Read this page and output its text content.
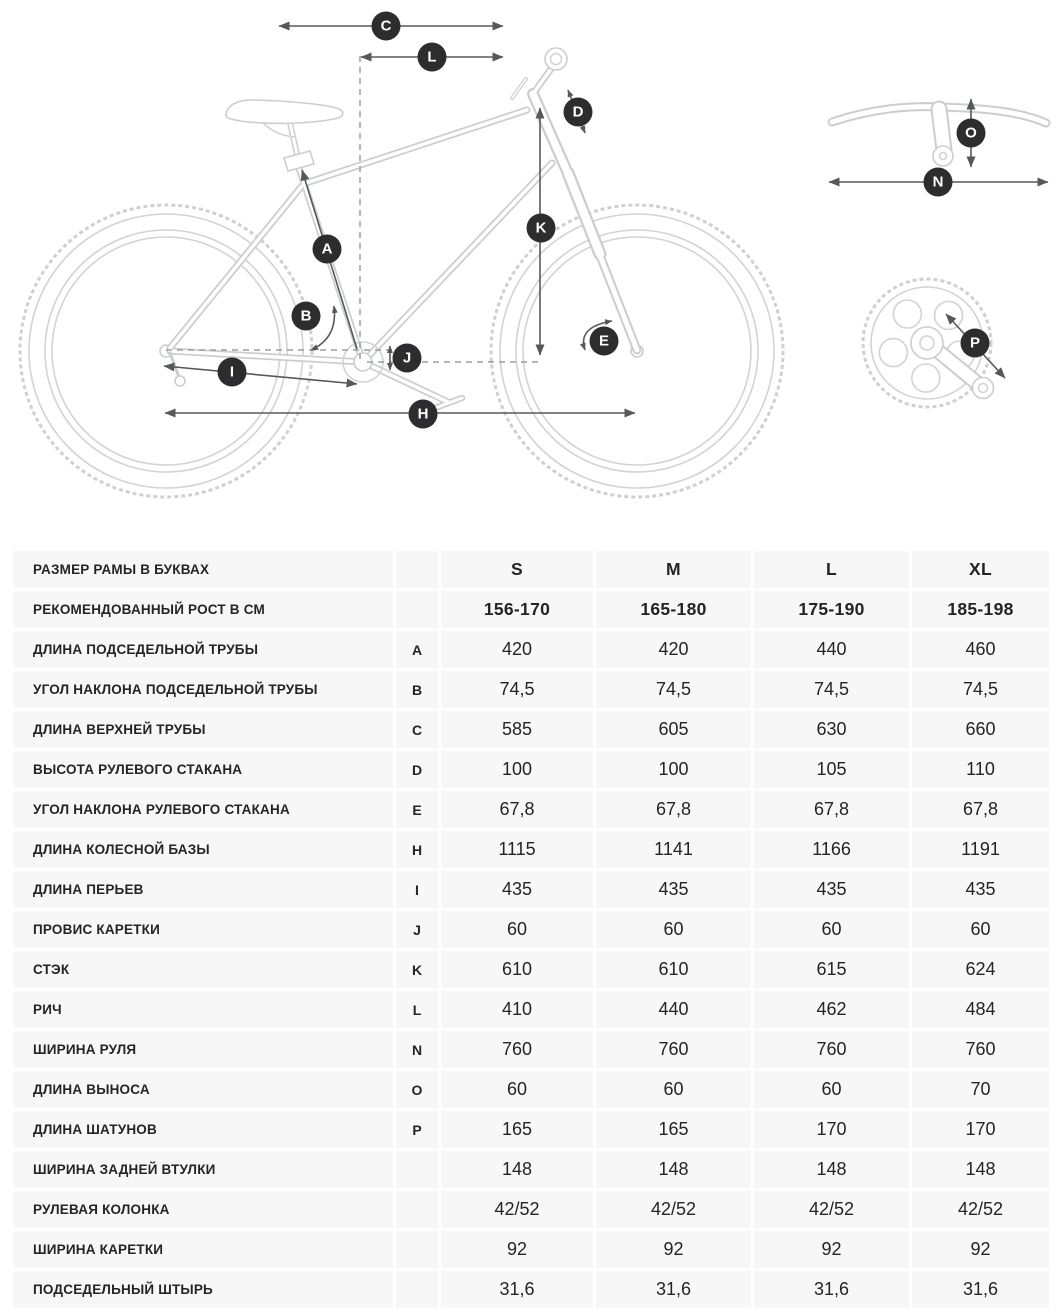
C
L
A
B
D
K
E
J
I
H
O
N
P
РАЗМЕР РАМЫ В БУКВАХ		S	M	L	XL
РЕКОМЕНДОВАННЫЙ РОСТ В СМ		156-170	165-180	175-190	185-198
ДЛИНА ПОДСЕДЕЛЬНОЙ ТРУБЫ	A	420	420	440	460
УГОЛ НАКЛОНА ПОДСЕДЕЛЬНОЙ ТРУБЫ	B	74,5	74,5	74,5	74,5
ДЛИНА ВЕРХНЕЙ ТРУБЫ	C	585	605	630	660
ВЫСОТА РУЛЕВОГО СТАКАНА	D	100	100	105	110
УГОЛ НАКЛОНА РУЛЕВОГО СТАКАНА	E	67,8	67,8	67,8	67,8
ДЛИНА КОЛЕСНОЙ БАЗЫ	H	1115	1141	1166	1191
ДЛИНА ПЕРЬЕВ	I	435	435	435	435
ПРОВИС КАРЕТКИ	J	60	60	60	60
СТЭК	K	610	610	615	624
РИЧ	L	410	440	462	484
ШИРИНА РУЛЯ	N	760	760	760	760
ДЛИНА ВЫНОСА	O	60	60	60	70
ДЛИНА ШАТУНОВ	P	165	165	170	170
ШИРИНА ЗАДНЕЙ ВТУЛКИ		148	148	148	148
РУЛЕВАЯ КОЛОНКА		42/52	42/52	42/52	42/52
ШИРИНА КАРЕТКИ		92	92	92	92
ПОДСЕДЕЛЬНЫЙ ШТЫРЬ		31,6	31,6	31,6	31,6
